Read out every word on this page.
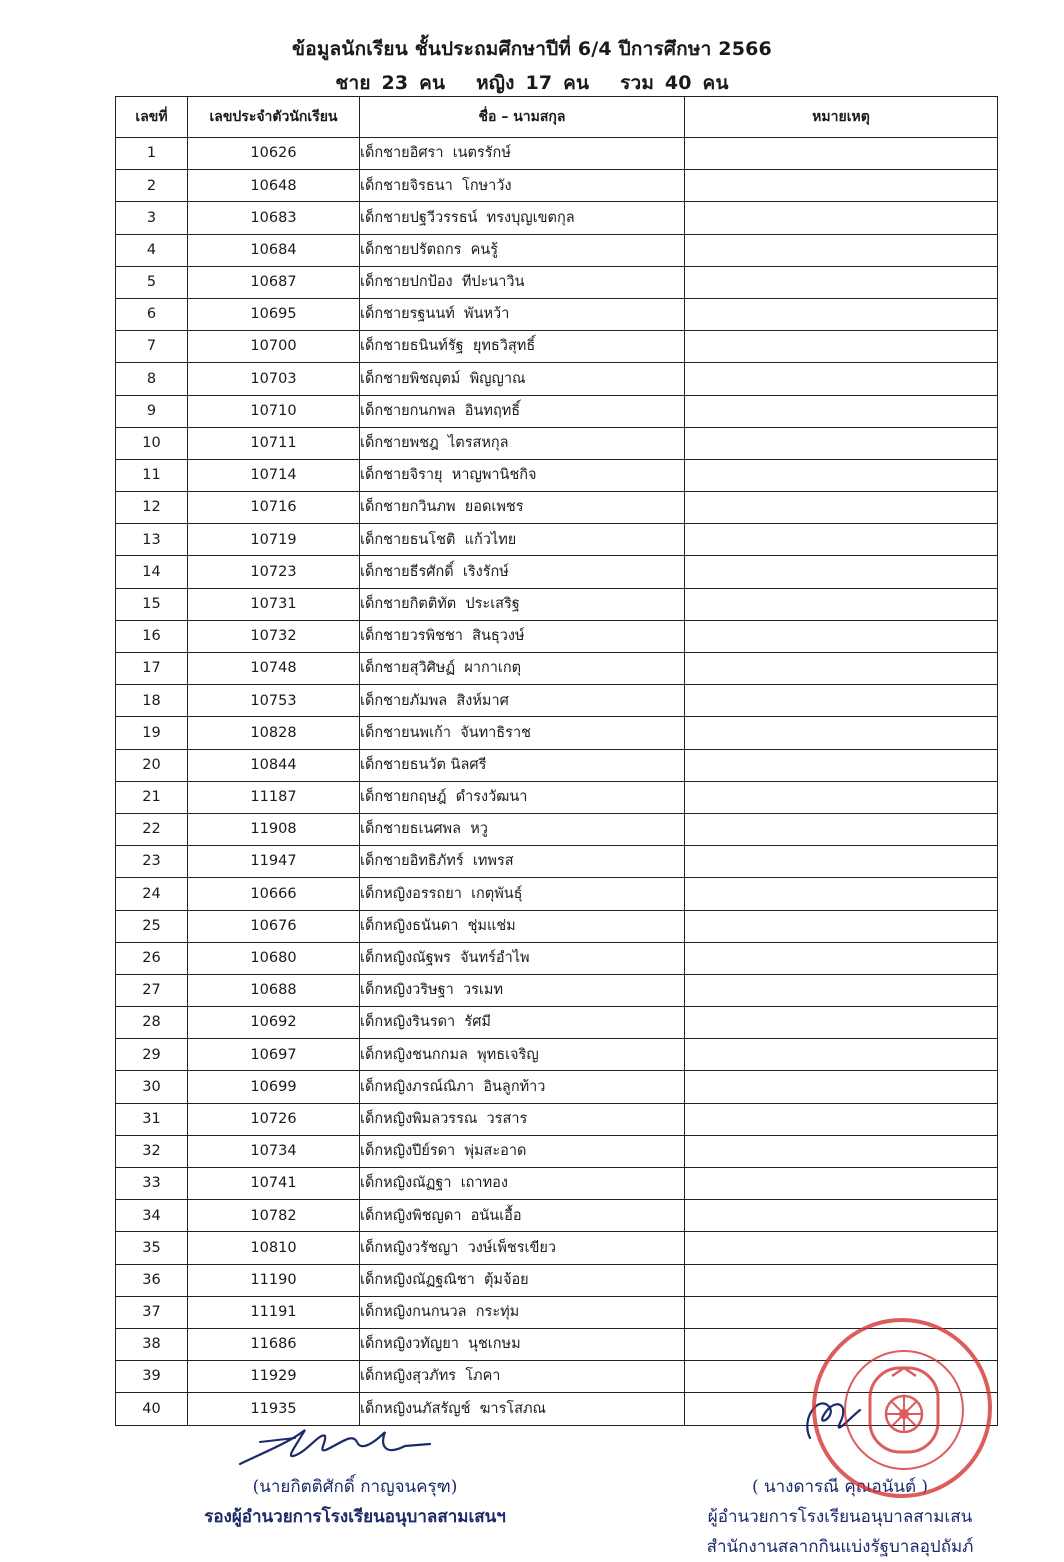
ข้อมูลนักเรียน ชั้นประถมศึกษาปีที่ 6/4 ปีการศึกษา 2566
ชาย 23 คน หญิง 17 คน รวม 40 คน
เลขที่	เลขประจำตัวนักเรียน	ชื่อ – นามสกุล	หมายเหตุ
1	10626	เด็กชายอิศรา  เนตรรักษ์	
2	10648	เด็กชายจิรธนา  โกษาวัง	
3	10683	เด็กชายปฐวีวรรธน์  ทรงบุญเขตกุล	
4	10684	เด็กชายปรัตถกร  คนรู้	
5	10687	เด็กชายปกป้อง  ทีปะนาวิน	
6	10695	เด็กชายรฐนนท์  พันหว้า	
7	10700	เด็กชายธนินท์รัฐ  ยุทธวิสุทธิ์	
8	10703	เด็กชายพิชญุตม์  พิญญาณ	
9	10710	เด็กชายกนกพล  อินทฤทธิ์	
10	10711	เด็กชายพชฎ  ไตรสหกุล	
11	10714	เด็กชายจิรายุ  หาญพานิชกิจ	
12	10716	เด็กชายกวินภพ  ยอดเพชร	
13	10719	เด็กชายธนโชติ  แก้วไทย	
14	10723	เด็กชายธีรศักดิ์  เริงรักษ์	
15	10731	เด็กชายกิตติทัต  ประเสริฐ	
16	10732	เด็กชายวรพิชชา  สินธุวงษ์	
17	10748	เด็กชายสุวิศิษฏ์  ผากาเกตุ	
18	10753	เด็กชายภัมพล  สิงห์มาศ	
19	10828	เด็กชายนพเก้า  จันทาธิราช	
20	10844	เด็กชายธนวัต นิลศรี	
21	11187	เด็กชายกฤษฎ์  ดำรงวัฒนา	
22	11908	เด็กชายธเนศพล  หวู	
23	11947	เด็กชายอิทธิภัทร์  เทพรส	
24	10666	เด็กหญิงอรรถยา  เกตุพันธุ์	
25	10676	เด็กหญิงธนันดา  ชุ่มแช่ม	
26	10680	เด็กหญิงณัฐพร  จันทร์อำไพ	
27	10688	เด็กหญิงวริษฐา  วรเมท	
28	10692	เด็กหญิงรินรดา  รัศมี	
29	10697	เด็กหญิงชนกกมล  พุทธเจริญ	
30	10699	เด็กหญิงภรณ์ณิภา  อินลูกท้าว	
31	10726	เด็กหญิงพิมลวรรณ  วรสาร	
32	10734	เด็กหญิงปีย์รดา  พุ่มสะอาด	
33	10741	เด็กหญิงณัฏฐา  เถาทอง	
34	10782	เด็กหญิงพิชญดา  อนันเอื้อ	
35	10810	เด็กหญิงวรัชญา  วงษ์เพ็ชรเขียว	
36	11190	เด็กหญิงณัฏฐณิชา  ตุ้มจ้อย	
37	11191	เด็กหญิงกนกนวล  กระทุ่ม	
38	11686	เด็กหญิงวทัญยา  นุชเกษม	
39	11929	เด็กหญิงสุวภัทร  โภคา	
40	11935	เด็กหญิงนภัสรัญช์  ฆารโสภณ	
(นายกิตติศักดิ์ กาญจนครุฑ)
รองผู้อำนวยการโรงเรียนอนุบาลสามเสนฯ
( นางดารณี คุณอนันต์ )
ผู้อำนวยการโรงเรียนอนุบาลสามเสน
สำนักงานสลากกินแบ่งรัฐบาลอุปถัมภ์
